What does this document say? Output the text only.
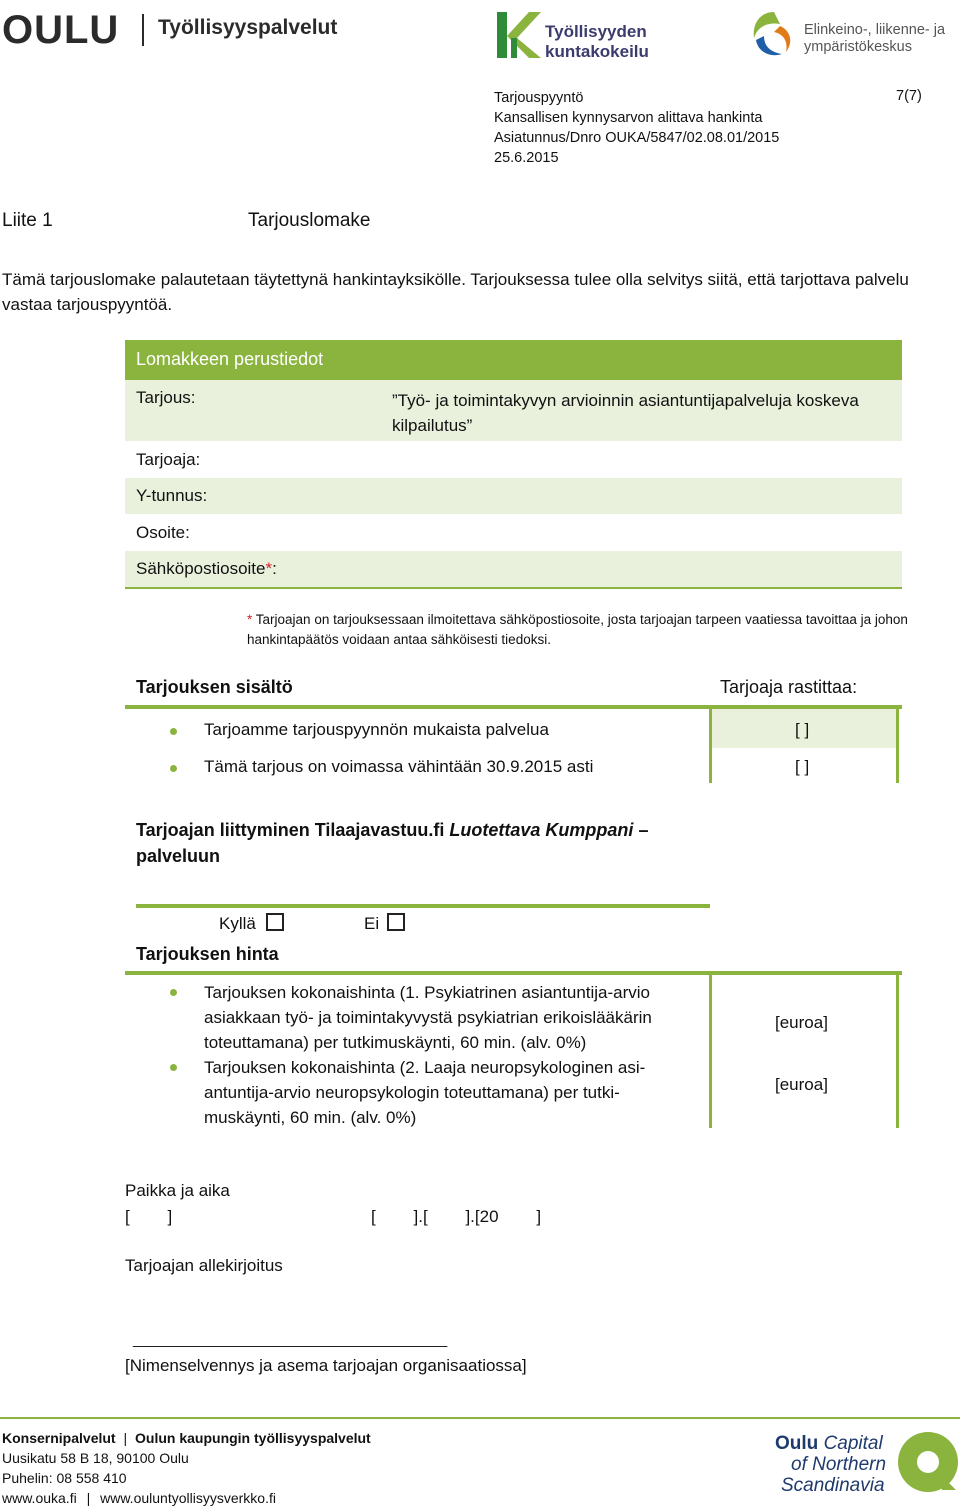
OULU Työllisyyspalvelut	Työllisyyden
kuntakokeilu
Elinkeino-, liikenne- ja
ympäristökeskus
Tarjouspyyntö
Kansallisen kynnysarvon alittava hankinta
Asiatunnus/Dnro OUKA/5847/02.08.01/2015
25.6.2015
7(7)
Liite 1	Tarjouslomake
Tämä tarjouslomake palautetaan täytettynä hankintayksikölle. Tarjouksessa tulee olla selvitys siitä, että tarjottava palvelu vastaa tarjouspyyntöä.
Lomakkeen perustiedot
Tarjous:	”Työ- ja toimintakyvyn arvioinnin asiantuntijapalveluja koskeva kilpailutus”
Tarjoaja:
Y-tunnus:
Osoite:
Sähköpostiosoite*:
* Tarjoajan on tarjouksessaan ilmoitettava sähköpostiosoite, josta tarjoajan tarpeen vaatiessa tavoittaa ja johon hankintapäätös voidaan antaa sähköisesti tiedoksi.
Tarjouksen sisältö	Tarjoaja rastittaa:
Tarjoamme tarjouspyynnön mukaista palvelua	[ ]
Tämä tarjous on voimassa vähintään 30.9.2015 asti	[ ]
Tarjoajan liittyminen Tilaajavastuu.fi Luotettava Kumppani –
palveluun
Kyllä	Ei
Tarjouksen hinta
Tarjouksen kokonaishinta (1. Psykiatrinen asiantuntija-arvio
asiakkaan työ- ja toimintakyvystä psykiatrian erikoislääkärin
toteuttamana) per tutkimuskäynti, 60 min. (alv. 0%)
[euroa]
Tarjouksen kokonaishinta (2. Laaja neuropsykologinen asi-
antuntija-arvio neuropsykologin toteuttamana) per tutki-
muskäynti, 60 min. (alv. 0%)
[euroa]
Paikka ja aika
[        ]	[        ].[        ].[20        ]
Tarjoajan allekirjoitus
________________________________________
[Nimenselvennys ja asema tarjoajan organisaatiossa]
Konsernipalvelut | Oulun kaupungin työllisyyspalvelut
Uusikatu 58 B 18, 90100 Oulu
Puhelin: 08 558 410
www.ouka.fi | www.ouluntyollisyysverkko.fi
Oulu Capital
of Northern
Scandinavia
